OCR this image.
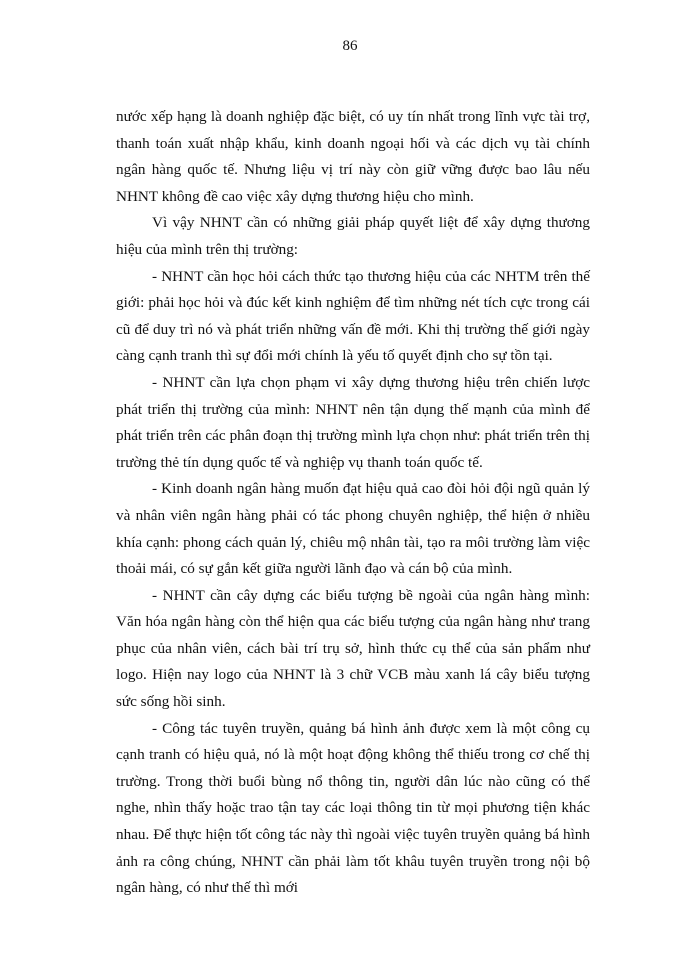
86

nước xếp hạng là doanh nghiệp đặc biệt, có uy tín nhất trong lĩnh vực tài trợ, thanh toán xuất nhập khẩu, kinh doanh ngoại hối và các dịch vụ tài chính ngân hàng quốc tế. Nhưng liệu vị trí này còn giữ vững được bao lâu nếu NHNT không đề cao việc xây dựng thương hiệu cho mình.

Vì vậy NHNT cần có những giải pháp quyết liệt để xây dựng thương hiệu của mình trên thị trường:

- NHNT cần học hỏi cách thức tạo thương hiệu của các NHTM trên thế giới: phải học hỏi và đúc kết kinh nghiệm để tìm những nét tích cực trong cái cũ để duy trì nó và phát triển những vấn đề mới. Khi thị trường thế giới ngày càng cạnh tranh thì sự đổi mới chính là yếu tố quyết định cho sự tồn tại.

- NHNT cần lựa chọn phạm vi xây dựng thương hiệu trên chiến lược phát triển thị trường của mình: NHNT nên tận dụng thế mạnh của mình để phát triển trên các phân đoạn thị trường mình lựa chọn như: phát triển trên thị trường thẻ tín dụng quốc tế và nghiệp vụ thanh toán quốc tế.

- Kinh doanh ngân hàng muốn đạt hiệu quả cao đòi hỏi đội ngũ quản lý và nhân viên ngân hàng phải có tác phong chuyên nghiệp, thể hiện ở nhiều khía cạnh: phong cách quản lý, chiêu mộ nhân tài, tạo ra môi trường làm việc thoải mái, có sự gắn kết giữa người lãnh đạo và cán bộ của mình.

- NHNT cần cây dựng các biểu tượng bề ngoài của ngân hàng mình: Văn hóa ngân hàng còn thể hiện qua các biểu tượng của ngân hàng như trang phục của nhân viên, cách bài trí trụ sở, hình thức cụ thể của sản phẩm như logo. Hiện nay logo của NHNT là 3 chữ VCB màu xanh lá cây biểu tượng sức sống hồi sinh.

- Công tác tuyên truyền, quảng bá hình ảnh được xem là một công cụ cạnh tranh có hiệu quả, nó là một hoạt động không thể thiếu trong cơ chế thị trường. Trong thời buổi bùng nổ thông tin, người dân lúc nào cũng có thể nghe, nhìn thấy hoặc trao tận tay các loại thông tin từ mọi phương tiện khác nhau. Để thực hiện tốt công tác này thì ngoài việc tuyên truyền quảng bá hình ảnh ra công chúng, NHNT cần phải làm tốt khâu tuyên truyền trong nội bộ ngân hàng, có như thế thì mới
